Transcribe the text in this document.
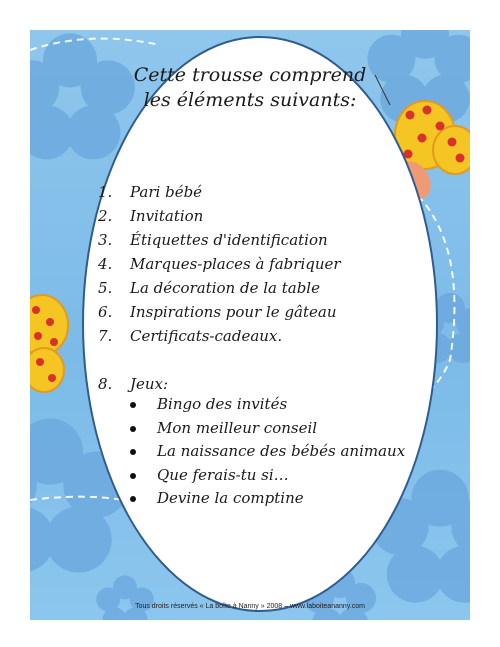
Cette trousse comprend
les éléments suivants:
1.	Pari bébé
2.	Invitation
3.	Étiquettes d'identification
4.	Marques-places à fabriquer
5.	La décoration de la table
6.	Inspirations pour le gâteau
7.	Certificats-cadeaux.
8.	Jeux:
Bingo des invités
Mon meilleur conseil
La naissance des bébés animaux
Que ferais-tu si…
Devine la comptine
Tous droits réservés « La boîte à Nanny » 2008 – www.laboiteananny.com
